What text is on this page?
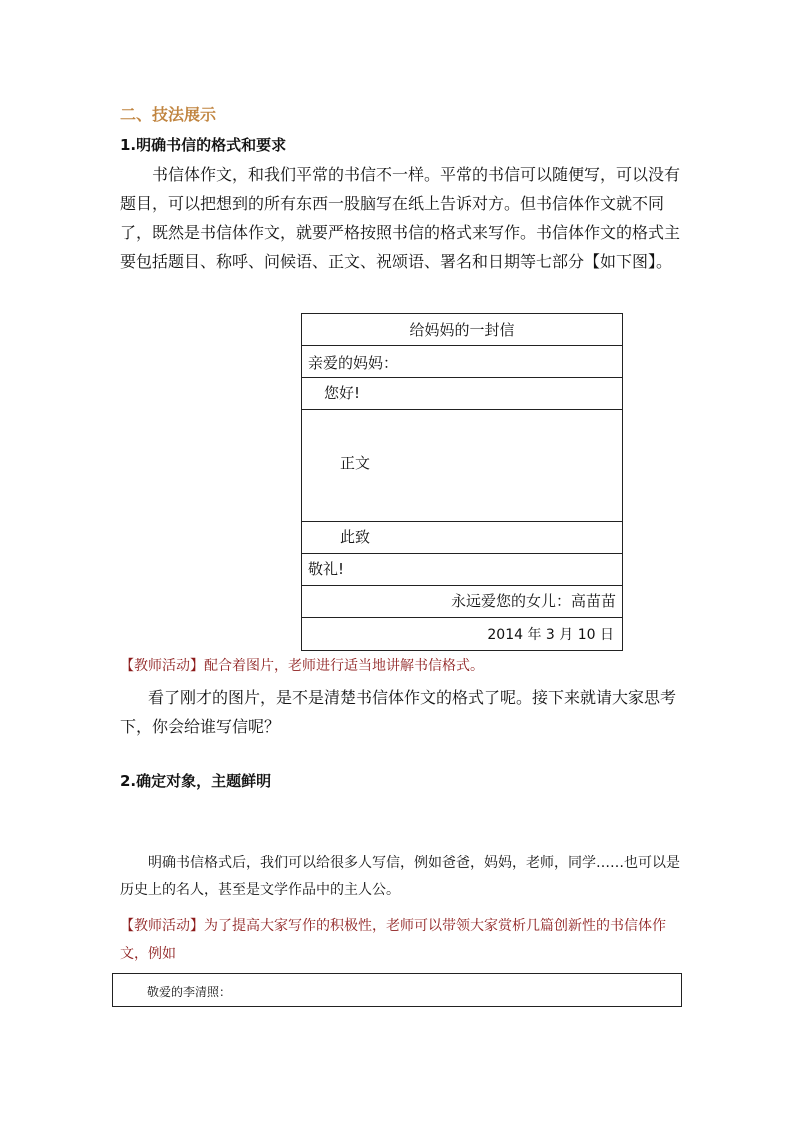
二、技法展示
1.明确书信的格式和要求
书信体作文，和我们平常的书信不一样。平常的书信可以随便写，可以没有题目，可以把想到的所有东西一股脑写在纸上告诉对方。但书信体作文就不同了，既然是书信体作文，就要严格按照书信的格式来写作。书信体作文的格式主要包括题目、称呼、问候语、正文、祝颂语、署名和日期等七部分【如下图】。
给妈妈的一封信
亲爱的妈妈：
您好!
正文
此致
敬礼!
永远爱您的女儿：高苗苗
2014 年 3 月 10 日
【教师活动】配合着图片，老师进行适当地讲解书信格式。
看了刚才的图片，是不是清楚书信体作文的格式了呢。接下来就请大家思考下，你会给谁写信呢？
2.确定对象，主题鲜明
明确书信格式后，我们可以给很多人写信，例如爸爸，妈妈，老师，同学……也可以是历史上的名人，甚至是文学作品中的主人公。
【教师活动】为了提高大家写作的积极性，老师可以带领大家赏析几篇创新性的书信体作文，例如
敬爱的李清照：
